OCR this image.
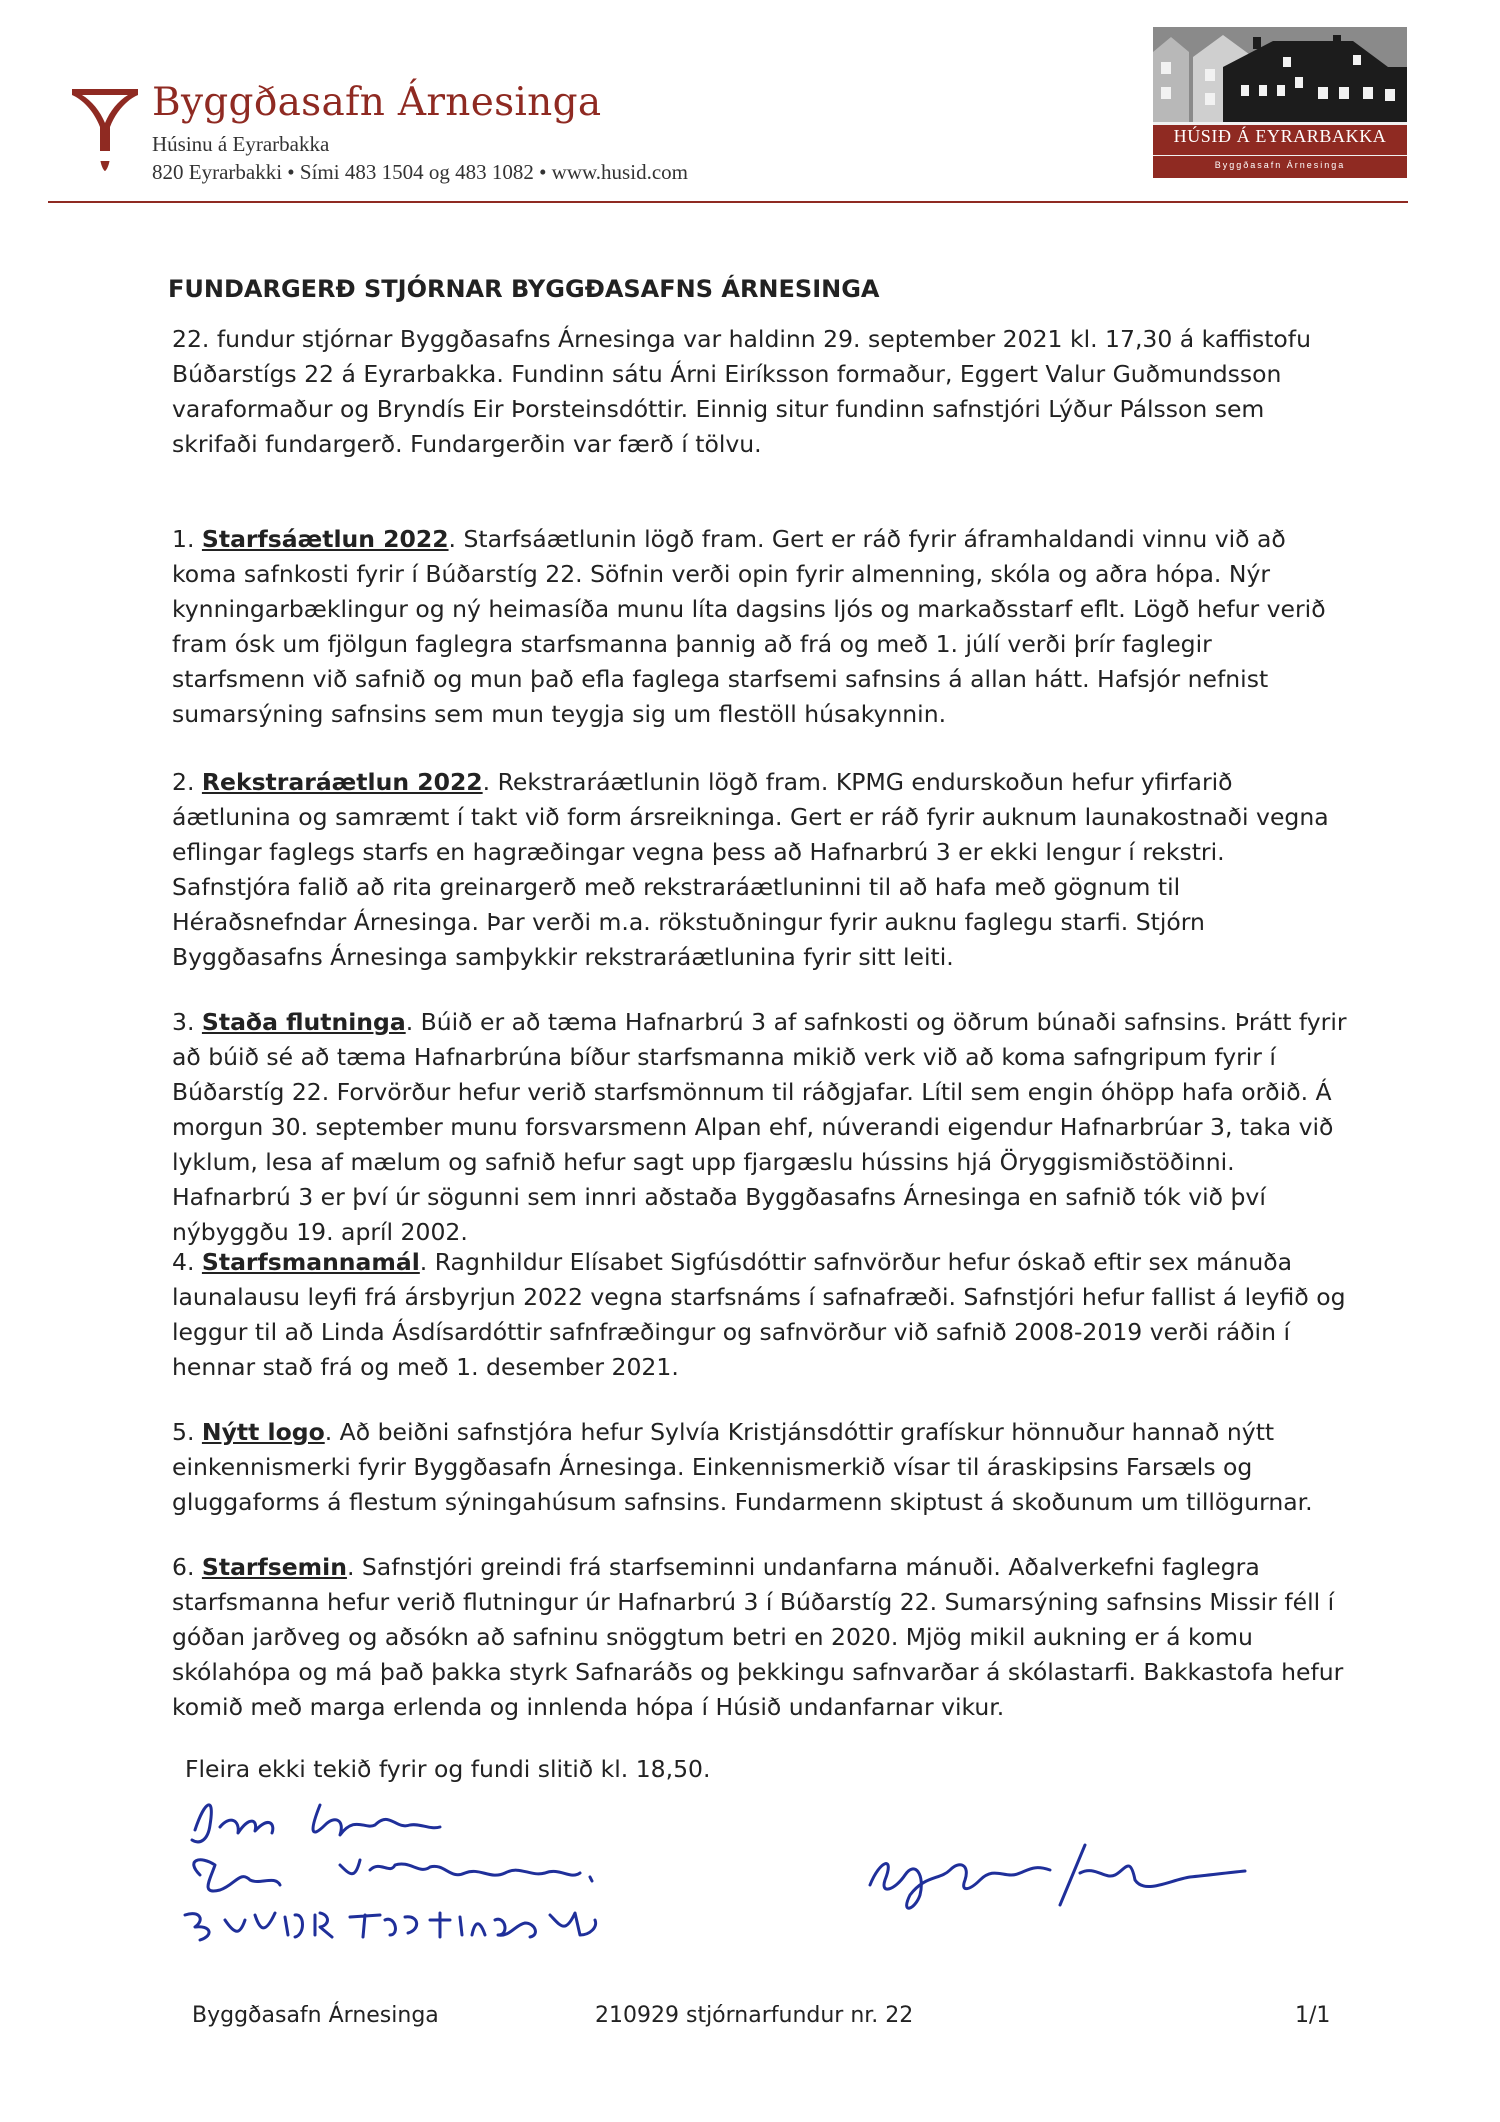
Byggðasafn Árnesinga
Húsinu á Eyrarbakka
820 Eyrarbakki • Sími 483 1504 og 483 1082 • www.husid.com
HÚSIÐ Á EYRARBAKKA
Byggðasafn Árnesinga
FUNDARGERÐ STJÓRNAR BYGGÐASAFNS ÁRNESINGA

22. fundur stjórnar Byggðasafns Árnesinga var haldinn 29. september 2021 kl. 17,30 á kaffistofu Búðarstígs 22 á Eyrarbakka. Fundinn sátu Árni Eiríksson formaður, Eggert Valur Guðmundsson varaformaður og Bryndís Eir Þorsteinsdóttir. Einnig situr fundinn safnstjóri Lýður Pálsson sem skrifaði fundargerð. Fundargerðin var færð í tölvu.

1. Starfsáætlun 2022. Starfsáætlunin lögð fram. Gert er ráð fyrir áframhaldandi vinnu við að koma safnkosti fyrir í Búðarstíg 22. Söfnin verði opin fyrir almenning, skóla og aðra hópa. Nýr kynningarbæklingur og ný heimasíða munu líta dagsins ljós og markaðsstarf eflt. Lögð hefur verið fram ósk um fjölgun faglegra starfsmanna þannig að frá og með 1. júlí verði þrír faglegir starfsmenn við safnið og mun það efla faglega starfsemi safnsins á allan hátt. Hafsjór nefnist sumarsýning safnsins sem mun teygja sig um flestöll húsakynnin.

2. Rekstraráætlun 2022. Rekstraráætlunin lögð fram. KPMG endurskoðun hefur yfirfarið áætlunina og samræmt í takt við form ársreikninga. Gert er ráð fyrir auknum launakostnaði vegna eflingar faglegs starfs en hagræðingar vegna þess að Hafnarbrú 3 er ekki lengur í rekstri. Safnstjóra falið að rita greinargerð með rekstraráætluninni til að hafa með gögnum til Héraðsnefndar Árnesinga. Þar verði m.a. rökstuðningur fyrir auknu faglegu starfi. Stjórn Byggðasafns Árnesinga samþykkir rekstraráætlunina fyrir sitt leiti.

3. Staða flutninga. Búið er að tæma Hafnarbrú 3 af safnkosti og öðrum búnaði safnsins. Þrátt fyrir að búið sé að tæma Hafnarbrúna bíður starfsmanna mikið verk við að koma safngripum fyrir í Búðarstíg 22. Forvörður hefur verið starfsmönnum til ráðgjafar. Lítil sem engin óhöpp hafa orðið. Á morgun 30. september munu forsvarsmenn Alpan ehf, núverandi eigendur Hafnarbrúar 3, taka við lyklum, lesa af mælum og safnið hefur sagt upp fjargæslu hússins hjá Öryggismiðstöðinni. Hafnarbrú 3 er því úr sögunni sem innri aðstaða Byggðasafns Árnesinga en safnið tók við því nýbyggðu 19. apríl 2002.

4. Starfsmannamál. Ragnhildur Elísabet Sigfúsdóttir safnvörður hefur óskað eftir sex mánuða launalausu leyfi frá ársbyrjun 2022 vegna starfsnáms í safnafræði. Safnstjóri hefur fallist á leyfið og leggur til að Linda Ásdísardóttir safnfræðingur og safnvörður við safnið 2008-2019 verði ráðin í hennar stað frá og með 1. desember 2021.

5. Nýtt logo. Að beiðni safnstjóra hefur Sylvía Kristjánsdóttir grafískur hönnuður hannað nýtt einkennismerki fyrir Byggðasafn Árnesinga. Einkennismerkið vísar til áraskipsins Farsæls og gluggaforms á flestum sýningahúsum safnsins. Fundarmenn skiptust á skoðunum um tillögurnar.

6. Starfsemin. Safnstjóri greindi frá starfseminni undanfarna mánuði. Aðalverkefni faglegra starfsmanna hefur verið flutningur úr Hafnarbrú 3 í Búðarstíg 22. Sumarsýning safnsins Missir féll í góðan jarðveg og aðsókn að safninu snöggtum betri en 2020. Mjög mikil aukning er á komu skólahópa og má það þakka styrk Safnaráðs og þekkingu safnvarðar á skólastarfi. Bakkastofa hefur komið með marga erlenda og innlenda hópa í Húsið undanfarnar vikur.

Fleira ekki tekið fyrir og fundi slitið kl. 18,50.
Byggðasafn Árnesinga	210929 stjórnarfundur nr. 22	1/1
